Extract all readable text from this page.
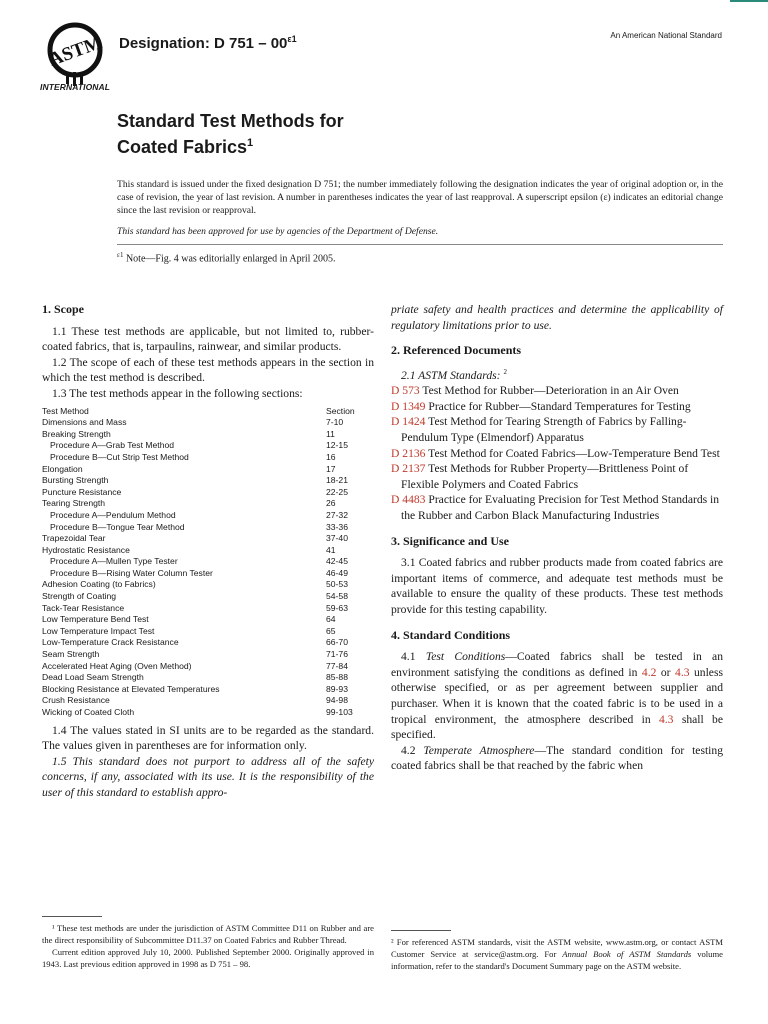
ASTM
INTERNATIONAL
Designation: D $751 - 00^{\varepsilon 1}$	An American National Standard
Standard Test Methods for
Coated Fabrics$^1$
This standard is issued under the fixed designation D 751; the number immediately following the designation indicates the year of original adoption or, in the case of revision, the year of last revision. A number in parentheses indicates the year of last reapproval. A superscript epsilon (ε) indicates an editorial change since the last revision or reapproval.
This standard has been approved for use by agencies of the Department of Defense.
$^{\varepsilon 1}$ Note—Fig. 4 was editorially enlarged in April 2005.
1. Scope

1.1 These test methods are applicable, but not limited to, rubber-coated fabrics, that is, tarpaulins, rainwear, and similar products.

1.2 The scope of each of these test methods appears in the section in which the test method is described.

1.3 The test methods appear in the following sections:

Test Method	Section
Dimensions and Mass	7-10
Breaking Strength	11
Procedure A—Grab Test Method	12-15
Procedure B—Cut Strip Test Method	16
Elongation	17
Bursting Strength	18-21
Puncture Resistance	22-25
Tearing Strength	26
Procedure A—Pendulum Method	27-32
Procedure B—Tongue Tear Method	33-36
Trapezoidal Tear	37-40
Hydrostatic Resistance	41
Procedure A—Mullen Type Tester	42-45
Procedure B—Rising Water Column Tester	46-49
Adhesion Coating (to Fabrics)	50-53
Strength of Coating	54-58
Tack-Tear Resistance	59-63
Low Temperature Bend Test	64
Low Temperature Impact Test	65
Low-Temperature Crack Resistance	66-70
Seam Strength	71-76
Accelerated Heat Aging (Oven Method)	77-84
Dead Load Seam Strength	85-88
Blocking Resistance at Elevated Temperatures	89-93
Crush Resistance	94-98
Wicking of Coated Cloth	99-103

1.4 The values stated in SI units are to be regarded as the standard. The values given in parentheses are for information only.

1.5 This standard does not purport to address all of the safety concerns, if any, associated with its use. It is the responsibility of the user of this standard to establish appro-

¹ These test methods are under the jurisdiction of ASTM Committee D11 on Rubber and are the direct responsibility of Subcommittee D11.37 on Coated Fabrics and Rubber Thread.
Current edition approved July 10, 2000. Published September 2000. Originally approved in 1943. Last previous edition approved in 1998 as D 751 – 98.

priate safety and health practices and determine the applicability of regulatory limitations prior to use.

2. Referenced Documents

2.1 ASTM Standards: $^2$

D 573 Test Method for Rubber—Deterioration in an Air Oven

D 1349 Practice for Rubber—Standard Temperatures for Testing

D 1424 Test Method for Tearing Strength of Fabrics by Falling-Pendulum Type (Elmendorf) Apparatus

D 2136 Test Method for Coated Fabrics—Low-Temperature Bend Test

D 2137 Test Methods for Rubber Property—Brittleness Point of Flexible Polymers and Coated Fabrics

D 4483 Practice for Evaluating Precision for Test Method Standards in the Rubber and Carbon Black Manufacturing Industries

3. Significance and Use

3.1 Coated fabrics and rubber products made from coated fabrics are important items of commerce, and adequate test methods must be available to ensure the quality of these products. These test methods provide for this testing capability.

4. Standard Conditions

4.1 Test Conditions—Coated fabrics shall be tested in an environment satisfying the conditions as defined in 4.2 or 4.3 unless otherwise specified, or as per agreement between supplier and purchaser. When it is known that the coated fabric is to be used in a tropical environment, the atmosphere described in 4.3 shall be specified.

4.2 Temperate Atmosphere—The standard condition for testing coated fabrics shall be that reached by the fabric when

² For referenced ASTM standards, visit the ASTM website, www.astm.org, or contact ASTM Customer Service at service@astm.org. For Annual Book of ASTM Standards volume information, refer to the standard's Document Summary page on the ASTM website.
